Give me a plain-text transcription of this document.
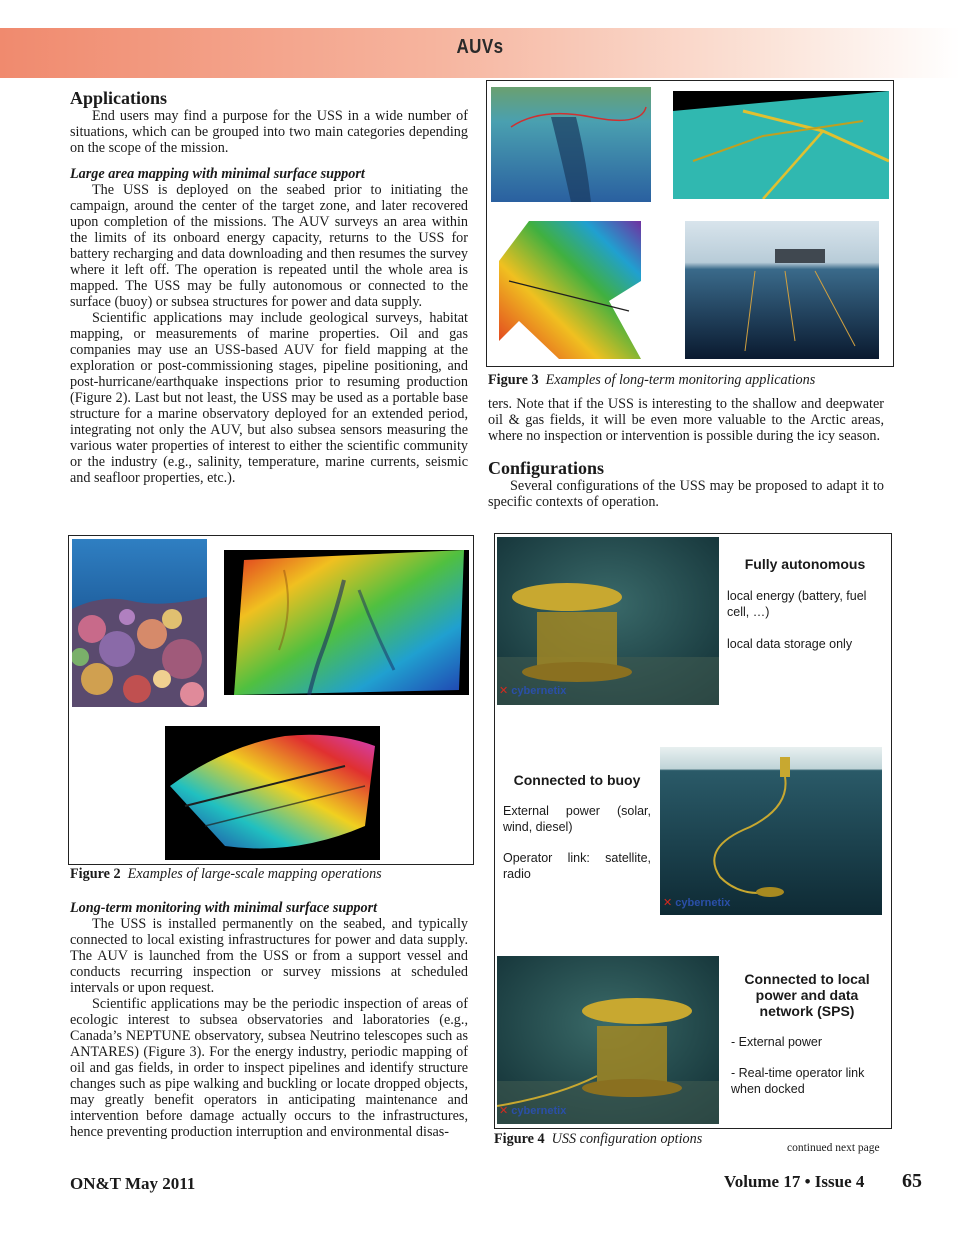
AUVs
Applications

End users may find a purpose for the USS in a wide number of situations, which can be grouped into two main categories depending on the scope of the mission.

Large area mapping with minimal surface support

The USS is deployed on the seabed prior to initiating the campaign, around the center of the target zone, and later recovered upon completion of the missions. The AUV surveys an area within the limits of its onboard energy capacity, returns to the USS for battery recharging and data downloading and then resumes the survey where it left off. The operation is repeated until the whole area is mapped. The USS may be fully autonomous or connected to the surface (buoy) or subsea structures for power and data supply.

Scientific applications may include geological surveys, habitat mapping, or measurements of marine properties. Oil and gas companies may use an USS-based AUV for field mapping at the exploration or post-commissioning stages, pipeline positioning, and post-hurricane/earthquake inspections prior to resuming production (Figure 2). Last but not least, the USS may be used as a portable base structure for a marine observatory deployed for an extended period, integrating not only the AUV, but also subsea sensors measuring the various water properties of interest to either the scientific community or the industry (e.g., salinity, temperature, marine currents, seismic and seafloor properties, etc.).

Figure 2 Examples of large-scale mapping operations
Long-term monitoring with minimal surface support

The USS is installed permanently on the seabed, and typically connected to local existing infrastructures for power and data supply. The AUV is launched from the USS or from a support vessel and conducts recurring inspection or survey missions at scheduled intervals or upon request.

Scientific applications may be the periodic inspection of areas of ecologic interest to subsea observatories and laboratories (e.g., Canada’s NEPTUNE observatory, subsea Neutrino telescopes such as ANTARES) (Figure 3). For the energy industry, periodic mapping of oil and gas fields, in order to inspect pipelines and identify structure changes such as pipe walking and buckling or locate dropped objects, may greatly benefit operators in anticipating maintenance and intervention before damage actually occurs to the infrastructures, hence preventing production interruption and environmental disas-

Figure 3 Examples of long-term monitoring applications

ters. Note that if the USS is interesting to the shallow and deepwater oil & gas fields, it will be even more valuable to the Arctic areas, where no inspection or intervention is possible during the icy season.

Configurations

Several configurations of the USS may be proposed to adapt it to specific contexts of operation.

✕ cybernetix
Fully autonomous
local energy (battery, fuel cell, …)
local data storage only
Connected to buoy
External power (solar, wind, diesel)
Operator link: satellite, radio
✕ cybernetix
✕ cybernetix
Connected to local power and data network (SPS)
- External power
- Real-time operator link when docked
Figure 4 USS configuration options
continued next page
ON&T May 2011	Volume 17 • Issue 4 65
